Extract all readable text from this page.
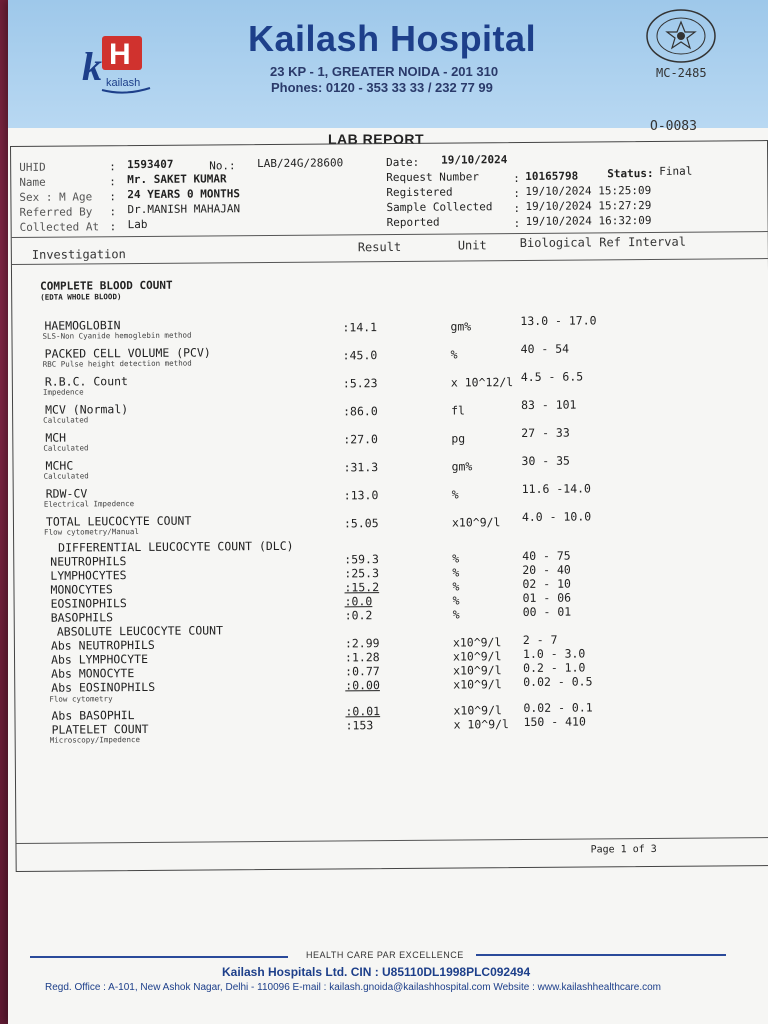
H
k kailash
Kailash Hospital
23 KP - 1, GREATER NOIDA - 201 310
Phones: 0120 - 353 33 33 / 232 77 99
MC-2485
LAB REPORT
O-0083
UHID	: 1593407	No.: LAB/24G/28600
Name	: Mr. SAKET KUMAR
Sex : M Age : 24 YEARS 0 MONTHS
Referred By : Dr.MANISH MAHAJAN
Collected At : Lab
Date: 19/10/2024
Request Number	: 10165798	Status: Final
Registered	: 19/10/2024 15:25:09
Sample Collected : 19/10/2024 15:27:29
Reported	: 19/10/2024 16:32:09
Investigation	Result	Unit	Biological Ref Interval
COMPLETE BLOOD COUNT
(EDTA WHOLE BLOOD)
HAEMOGLOBIN
SLS-Non Cyanide hemoglebin method
:14.1	gm%	13.0 - 17.0
PACKED CELL VOLUME (PCV)
RBC Pulse height detection method
:45.0	%	40 - 54
R.B.C. Count
Impedence
:5.23	x 10^12/l 4.5 - 6.5
MCV (Normal)
Calculated
:86.0	fl	83 - 101
MCH
Calculated
:27.0	pg	27 - 33
MCHC
Calculated
:31.3	gm%	30 - 35
RDW-CV
Electrical Impedence
:13.0	%	11.6 -14.0
TOTAL LEUCOCYTE COUNT
Flow cytometry/Manual
:5.05	x10^9/l 4.0 - 10.0
DIFFERENTIAL LEUCOCYTE COUNT (DLC)
NEUTROPHILS	:59.3	%	40 - 75
LYMPHOCYTES	:25.3	%	20 - 40
MONOCYTES	:15.2	%	02 - 10
EOSINOPHILS	:0.0	%	01 - 06
BASOPHILS	:0.2	%	00 - 01
ABSOLUTE LEUCOCYTE COUNT
Abs NEUTROPHILS	:2.99	x10^9/l 2 - 7
Abs LYMPHOCYTE	:1.28	x10^9/l 1.0 - 3.0
Abs MONOCYTE	:0.77	x10^9/l 0.2 - 1.0
Abs EOSINOPHILS	:0.00	x10^9/l 0.02 - 0.5
Flow cytometry
Abs BASOPHIL	:0.01	x10^9/l 0.02 - 0.1
PLATELET COUNT
Microscopy/Impedence
:153	x 10^9/l 150 - 410
Page 1 of 3
HEALTH CARE PAR EXCELLENCE
Kailash Hospitals Ltd. CIN : U85110DL1998PLC092494
Regd. Office : A-101, New Ashok Nagar, Delhi - 110096 E-mail : kailash.gnoida@kailashhospital.com Website : www.kailashhealthcare.com
